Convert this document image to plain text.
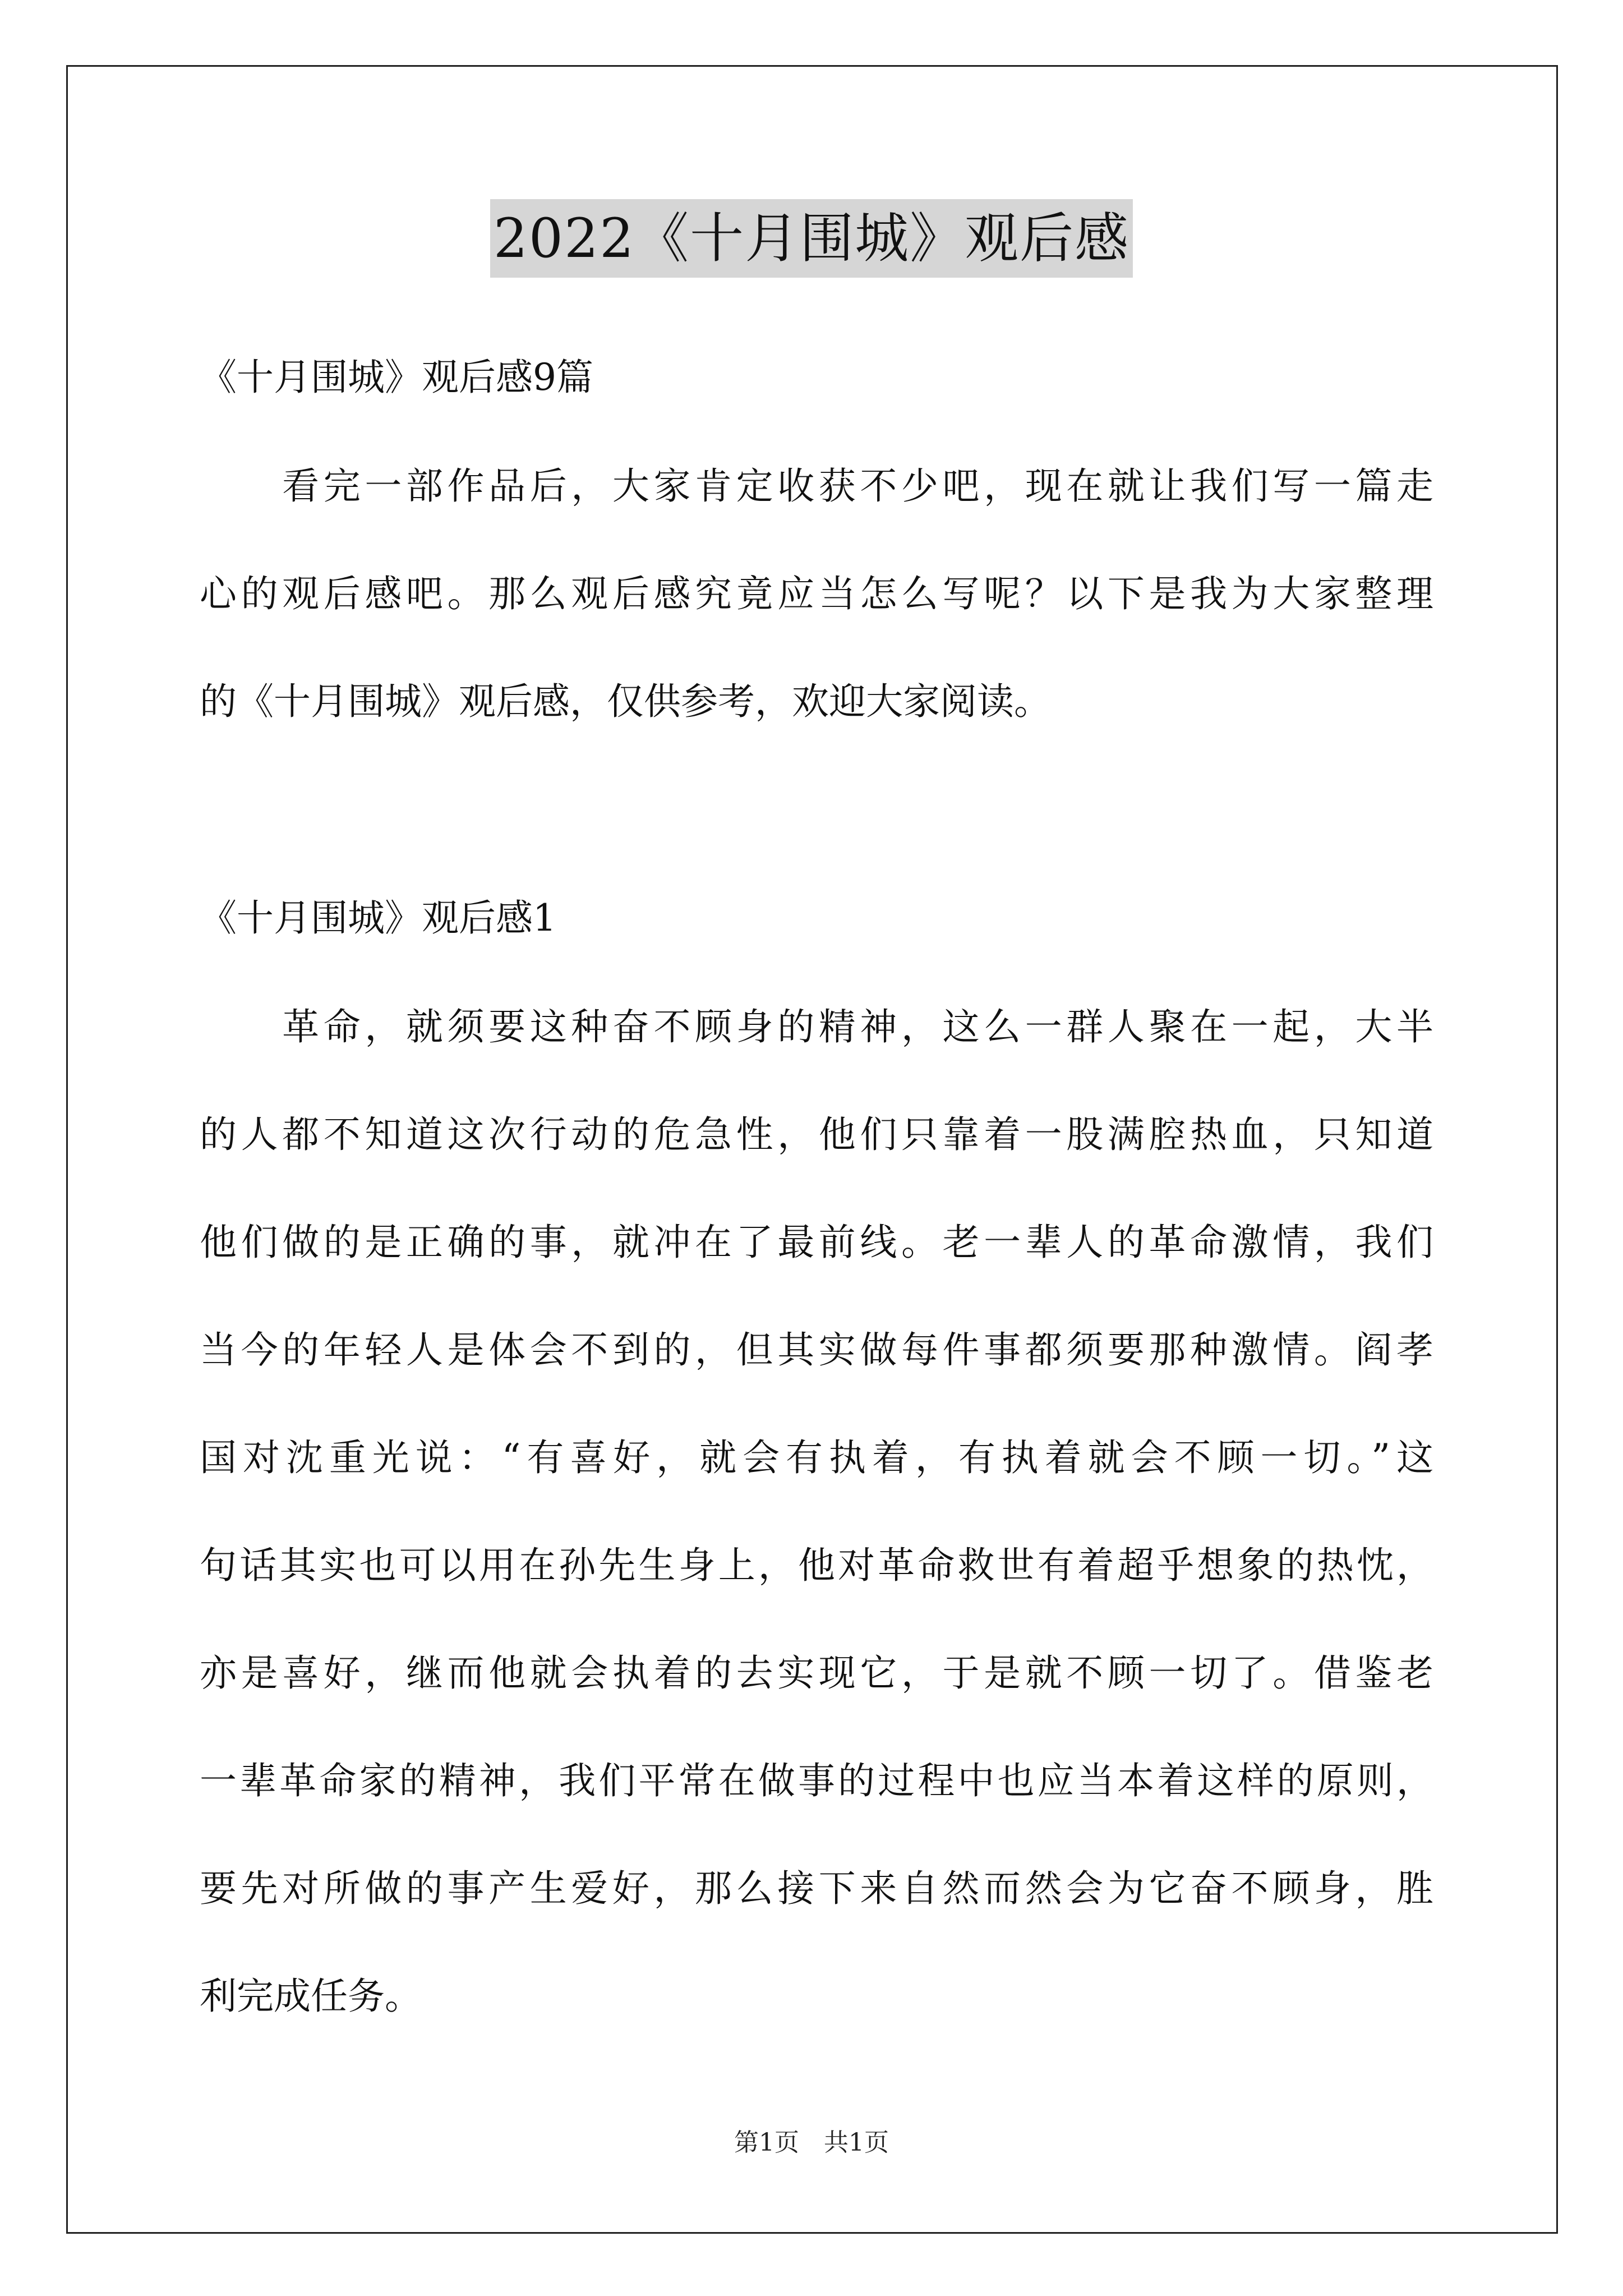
2022《十月围城》观后感
《十月围城》观后感9篇
　　看完一部作品后，大家肯定收获不少吧，现在就让我们写一篇走
心的观后感吧。那么观后感究竟应当怎么写呢？以下是我为大家整理
的《十月围城》观后感，仅供参考，欢迎大家阅读。
《十月围城》观后感1
　　革命，就须要这种奋不顾身的精神，这么一群人聚在一起，大半
的人都不知道这次行动的危急性，他们只靠着一股满腔热血，只知道
他们做的是正确的事，就冲在了最前线。老一辈人的革命激情，我们
当今的年轻人是体会不到的，但其实做每件事都须要那种激情。阎孝
国对沈重光说：“有喜好，就会有执着，有执着就会不顾一切。”这
句话其实也可以用在孙先生身上，他对革命救世有着超乎想象的热忱，
亦是喜好，继而他就会执着的去实现它，于是就不顾一切了。借鉴老
一辈革命家的精神，我们平常在做事的过程中也应当本着这样的原则，
要先对所做的事产生爱好，那么接下来自然而然会为它奋不顾身，胜
利完成任务。
第1页　共1页
